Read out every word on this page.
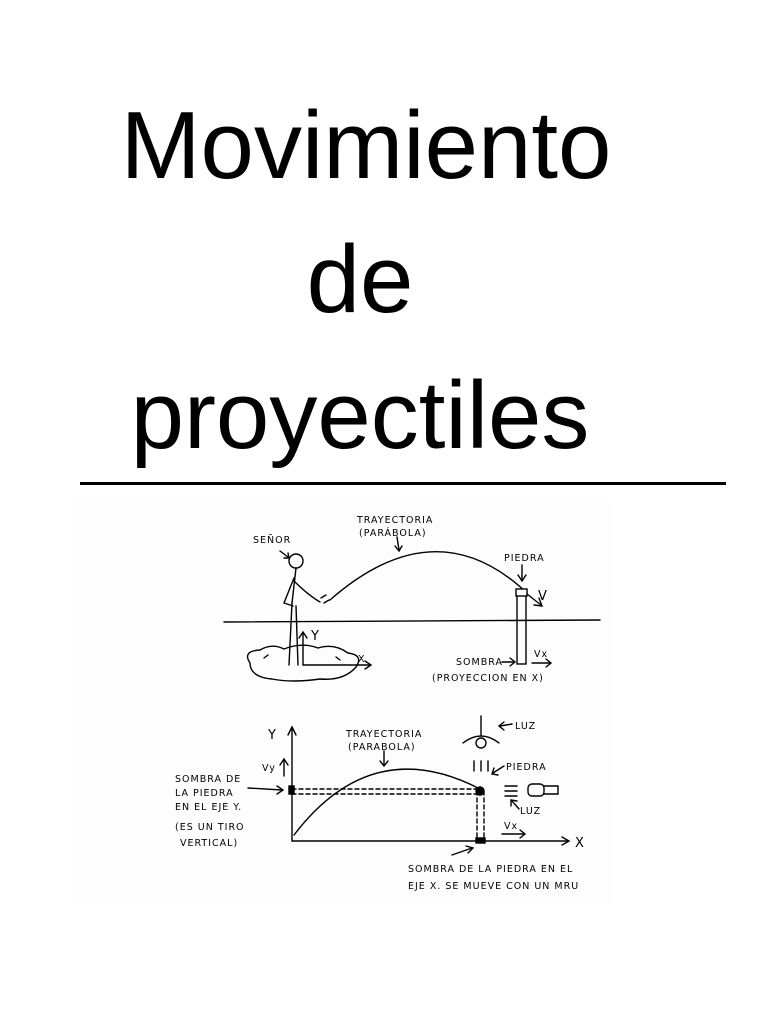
Movimiento
de
proyectiles
SEÑOR
TRAYECTORIA
(PARÁBOLA)
PIEDRA
V
Y
X	SOMBRA
Vx
(PROYECCION EN X)
Y
X
Vy
Vx
TRAYECTORIA
(PARABOLA)
LUZ
LUZ
PIEDRA
SOMBRA DE
LA PIEDRA
EN EL EJE Y.
(ES UN TIRO
VERTICAL)
SOMBRA DE LA PIEDRA EN EL
EJE X. SE MUEVE CON UN MRU
